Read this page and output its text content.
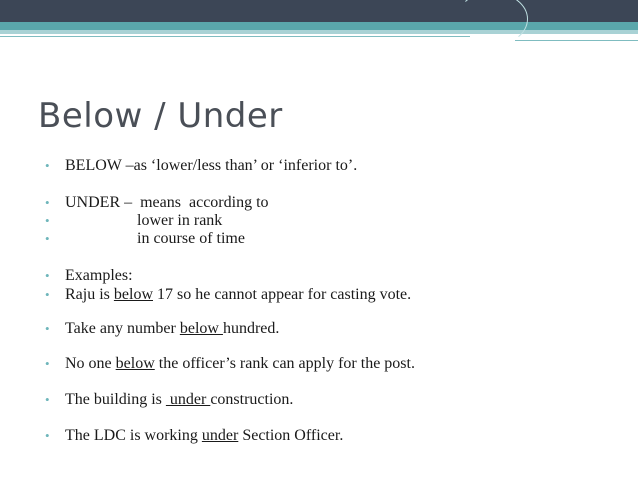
Below / Under
• BELOW –as ‘lower/less than’ or ‘inferior to’.
• UNDER –  means  according to
•                  lower in rank
•                  in course of time
• Examples:
• Raju is below 17 so he cannot appear for casting vote.
• Take any number below hundred.
• No one below the officer’s rank can apply for the post.
• The building is  under construction.
• The LDC is working under Section Officer.
